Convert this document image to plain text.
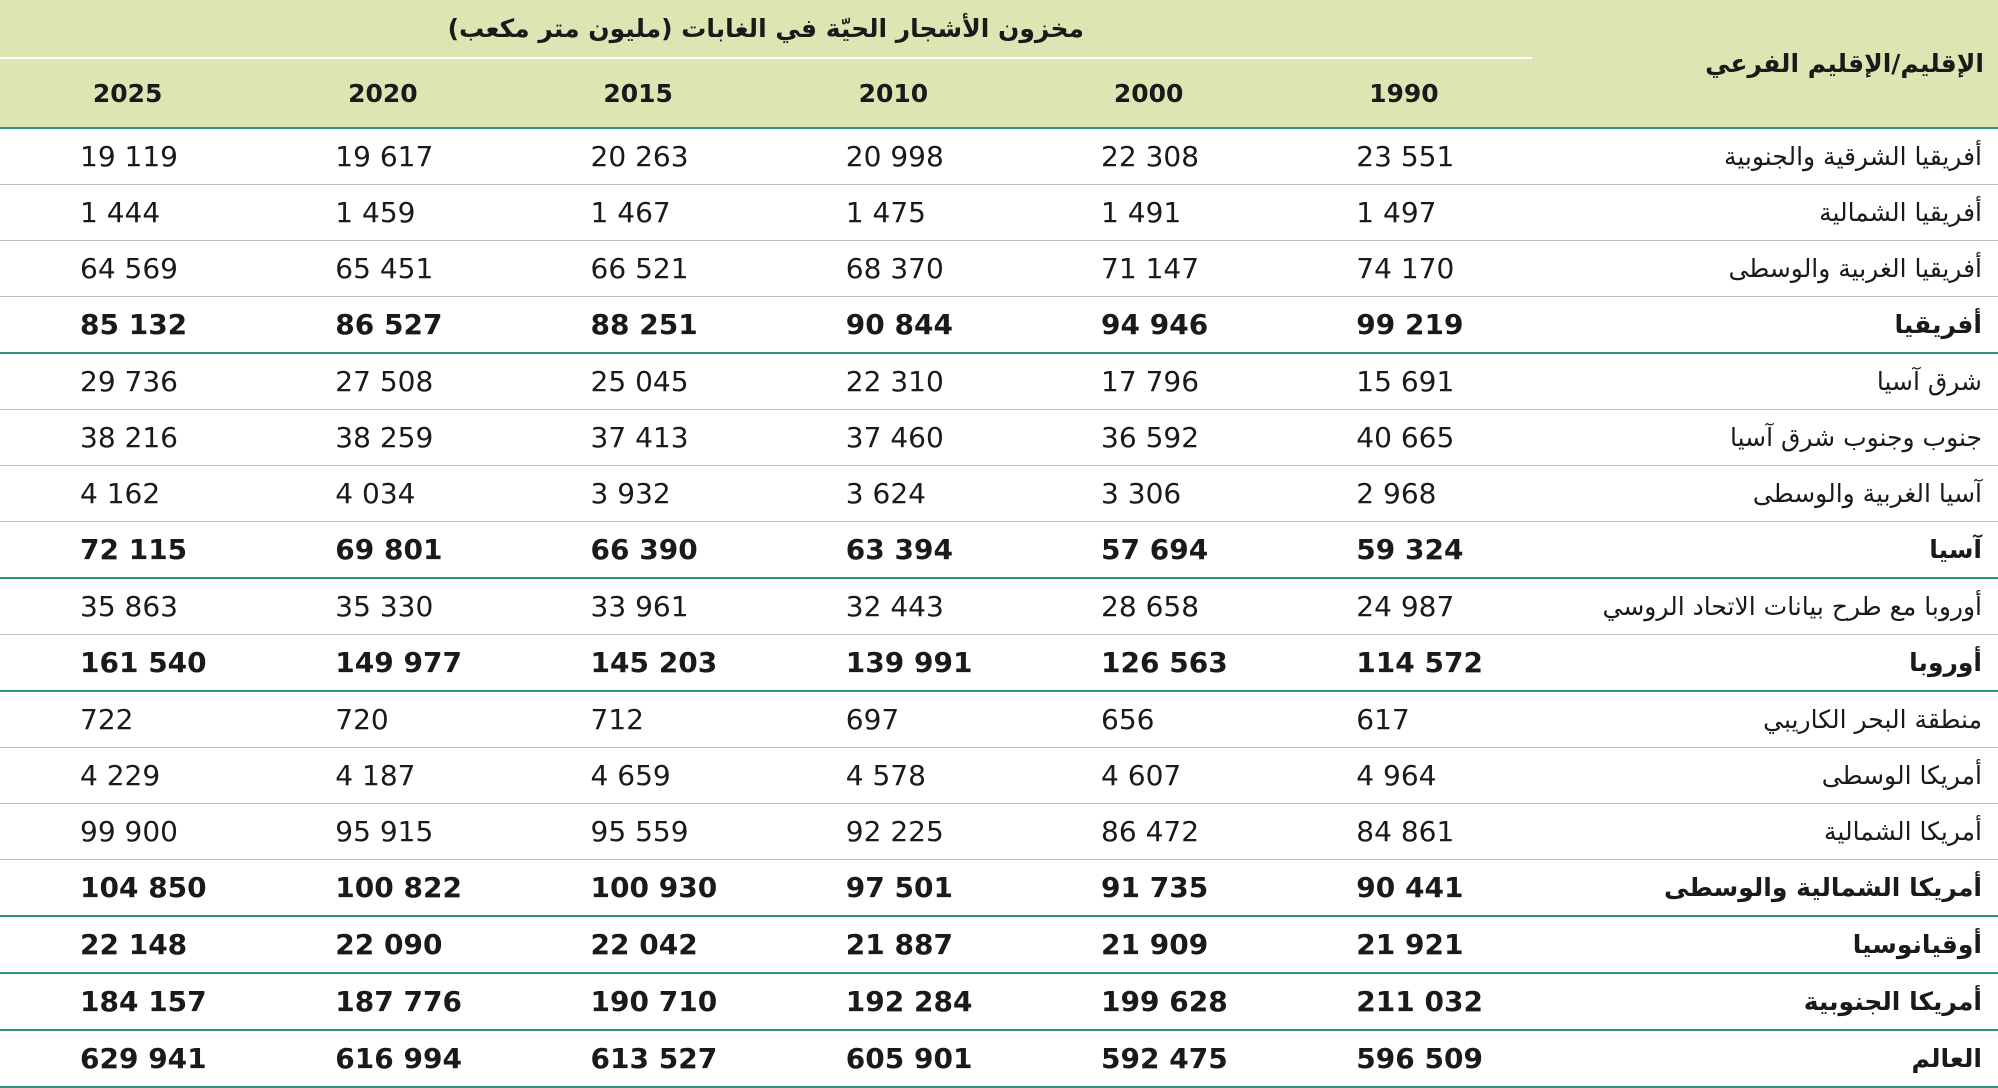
الإقليم/الإقليم الفرعي	مخزون الأشجار الحيّة في الغابات (مليون متر مكعب)					
	1990	2000	2010	2015	2020	2025
أفريقيا الشرقية والجنوبية	23 551	22 308	20 998	20 263	19 617	19 119
أفريقيا الشمالية	1 497	1 491	1 475	1 467	1 459	1 444
أفريقيا الغربية والوسطى	74 170	71 147	68 370	66 521	65 451	64 569
أفريقيا	99 219	94 946	90 844	88 251	86 527	85 132
شرق آسيا	15 691	17 796	22 310	25 045	27 508	29 736
جنوب وجنوب شرق آسيا	40 665	36 592	37 460	37 413	38 259	38 216
آسيا الغربية والوسطى	2 968	3 306	3 624	3 932	4 034	4 162
آسيا	59 324	57 694	63 394	66 390	69 801	72 115
أوروبا مع طرح بيانات الاتحاد الروسي	24 987	28 658	32 443	33 961	35 330	35 863
أوروبا	114 572	126 563	139 991	145 203	149 977	161 540
منطقة البحر الكاريبي	617	656	697	712	720	722
أمريكا الوسطى	4 964	4 607	4 578	4 659	4 187	4 229
أمريكا الشمالية	84 861	86 472	92 225	95 559	95 915	99 900
أمريكا الشمالية والوسطى	90 441	91 735	97 501	100 930	100 822	104 850
أوقيانوسيا	21 921	21 909	21 887	22 042	22 090	22 148
أمريكا الجنوبية	211 032	199 628	192 284	190 710	187 776	184 157
العالم	596 509	592 475	605 901	613 527	616 994	629 941
